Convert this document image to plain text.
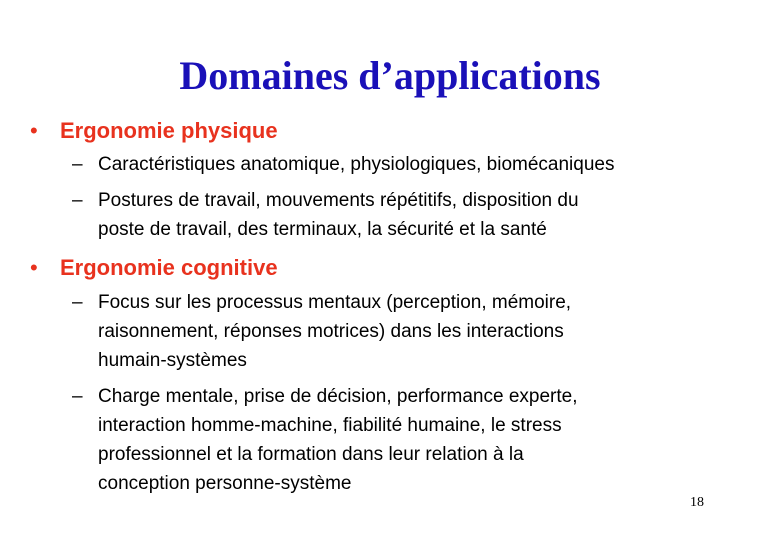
Domaines d’applications
• Ergonomie physique
– Caractéristiques anatomique, physiologiques, biomécaniques
– Postures de travail, mouvements répétitifs, disposition du
poste de travail, des terminaux, la sécurité et la santé
• Ergonomie cognitive
– Focus sur les processus mentaux (perception, mémoire,
raisonnement, réponses motrices) dans les interactions
humain-systèmes
– Charge mentale, prise de décision, performance experte,
interaction homme-machine, fiabilité humaine, le stress
professionnel et la formation dans leur relation à la
conception personne-système
18
